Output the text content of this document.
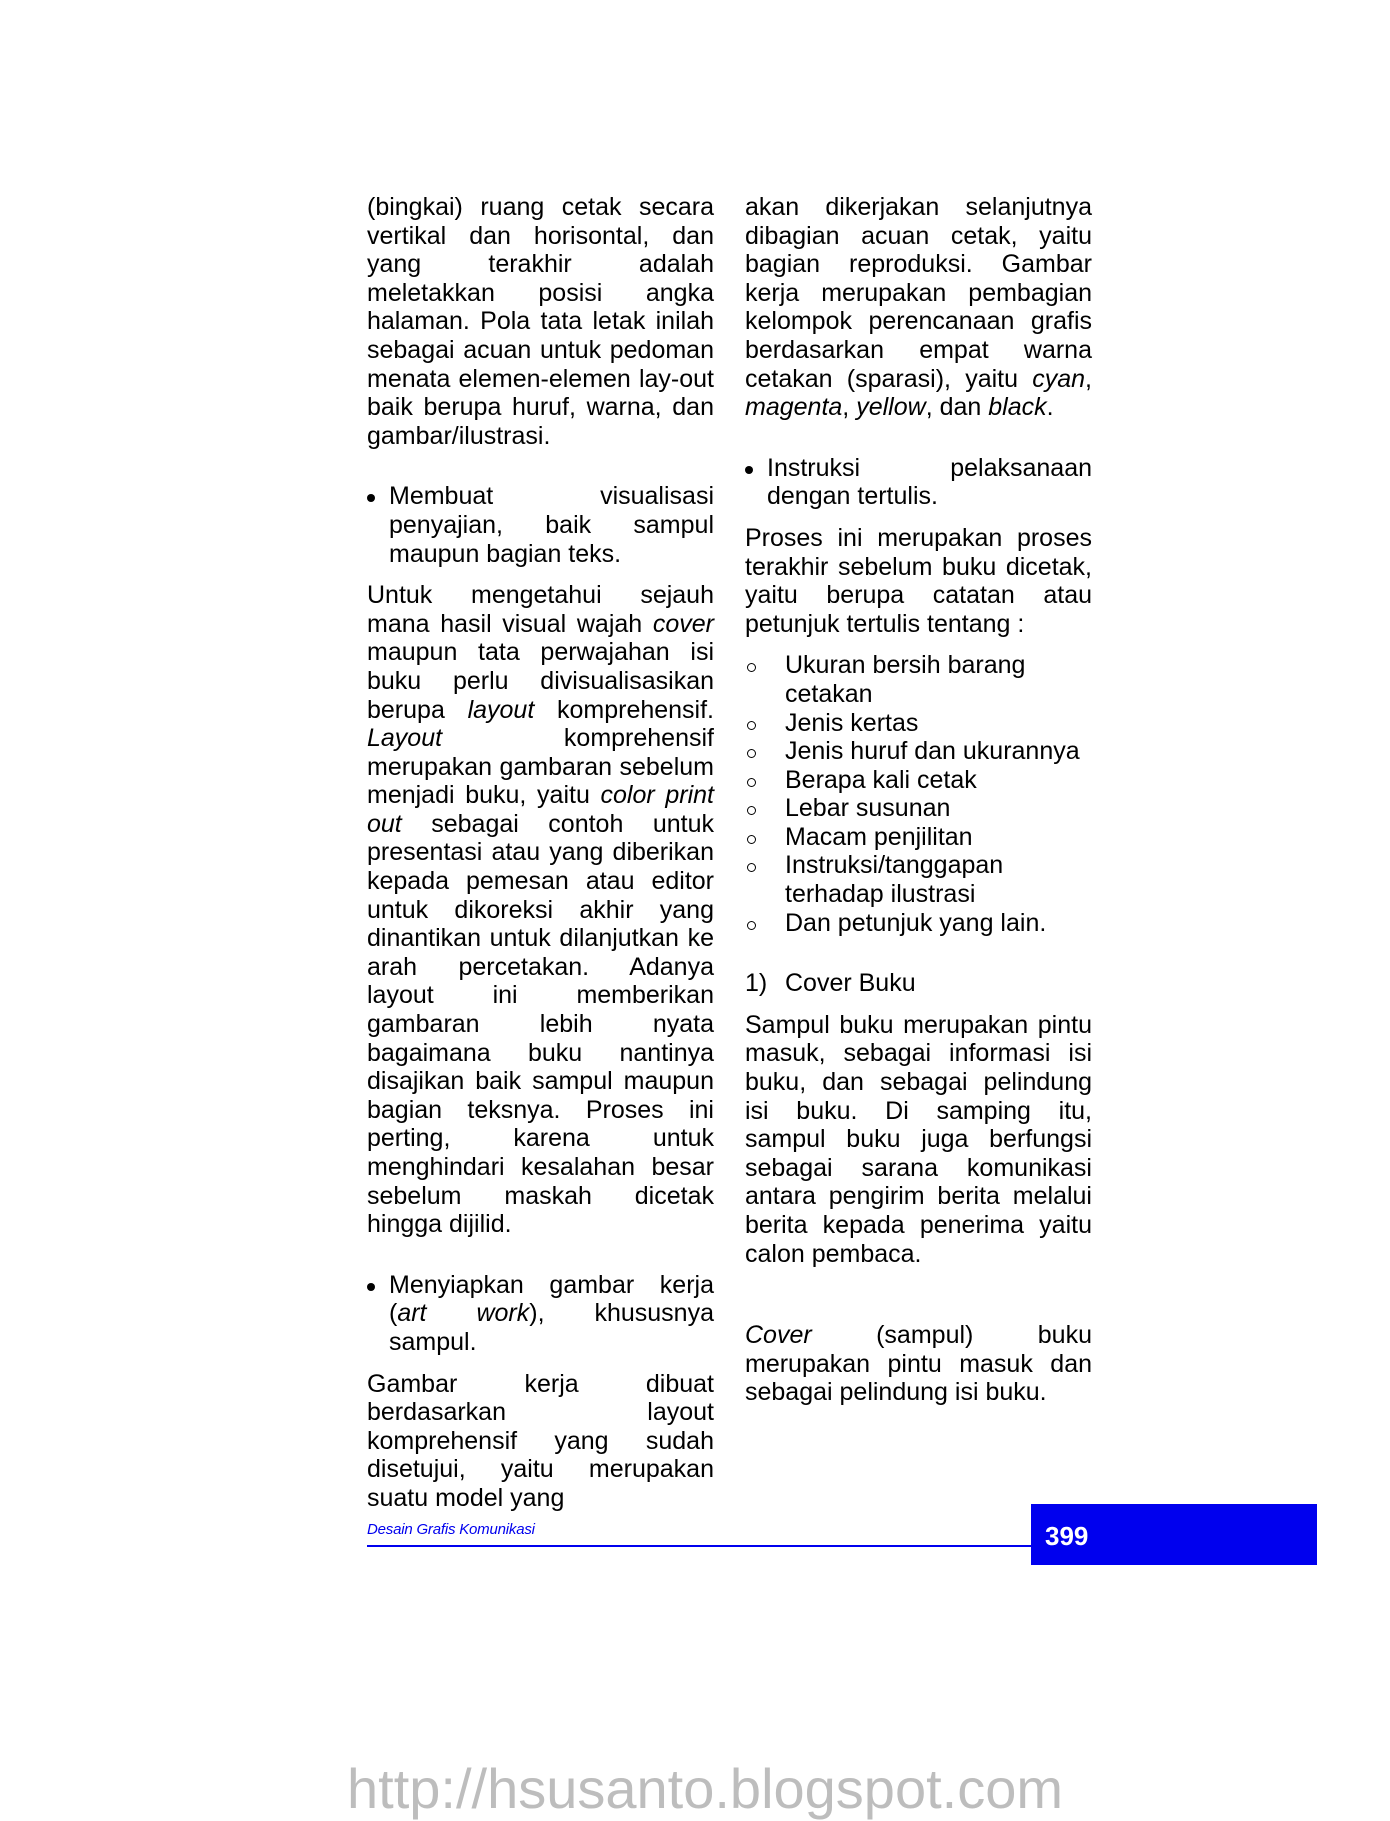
(bingkai) ruang cetak secara vertikal dan horisontal, dan yang terakhir adalah meletakkan posisi angka halaman. Pola tata letak inilah sebagai acuan untuk pedoman menata elemen-elemen lay-out baik berupa huruf, warna, dan gambar/ilustrasi.

Membuat visualisasi penyajian, baik sampul maupun bagian teks.

Untuk mengetahui sejauh mana hasil visual wajah cover maupun tata perwajahan isi buku perlu divisualisasikan berupa layout komprehensif. Layout komprehensif merupakan gambaran sebelum menjadi buku, yaitu color print out sebagai contoh untuk presentasi atau yang diberikan kepada pemesan atau editor untuk dikoreksi akhir yang dinantikan untuk dilanjutkan ke arah percetakan. Adanya layout ini memberikan gambaran lebih nyata bagaimana buku nantinya disajikan baik sampul maupun bagian teksnya. Proses ini perting, karena untuk menghindari kesalahan besar sebelum maskah dicetak hingga dijilid.

Menyiapkan gambar kerja (art work), khususnya sampul.

Gambar kerja dibuat berdasarkan layout komprehensif yang sudah disetujui, yaitu merupakan suatu model yang

akan dikerjakan selanjutnya dibagian acuan cetak, yaitu bagian reproduksi. Gambar kerja merupakan pembagian kelompok perencanaan grafis berdasarkan empat warna cetakan (sparasi), yaitu cyan, magenta, yellow, dan black.

Instruksi pelaksanaan dengan tertulis.

Proses ini merupakan proses terakhir sebelum buku dicetak, yaitu berupa catatan atau petunjuk tertulis tentang :

Ukuran bersih barang cetakan
Jenis kertas
Jenis huruf dan ukurannya
Berapa kali cetak
Lebar susunan
Macam penjilitan
Instruksi/tanggapan terhadap ilustrasi
Dan petunjuk yang lain.
1) Cover Buku

Sampul buku merupakan pintu masuk, sebagai informasi isi buku, dan sebagai pelindung isi buku. Di samping itu, sampul buku juga berfungsi sebagai sarana komunikasi antara pengirim berita melalui berita kepada penerima yaitu calon pembaca.

Cover (sampul) buku merupakan pintu masuk dan sebagai pelindung isi buku.

Desain Grafis Komunikasi	399
http://hsusanto.blogspot.com
